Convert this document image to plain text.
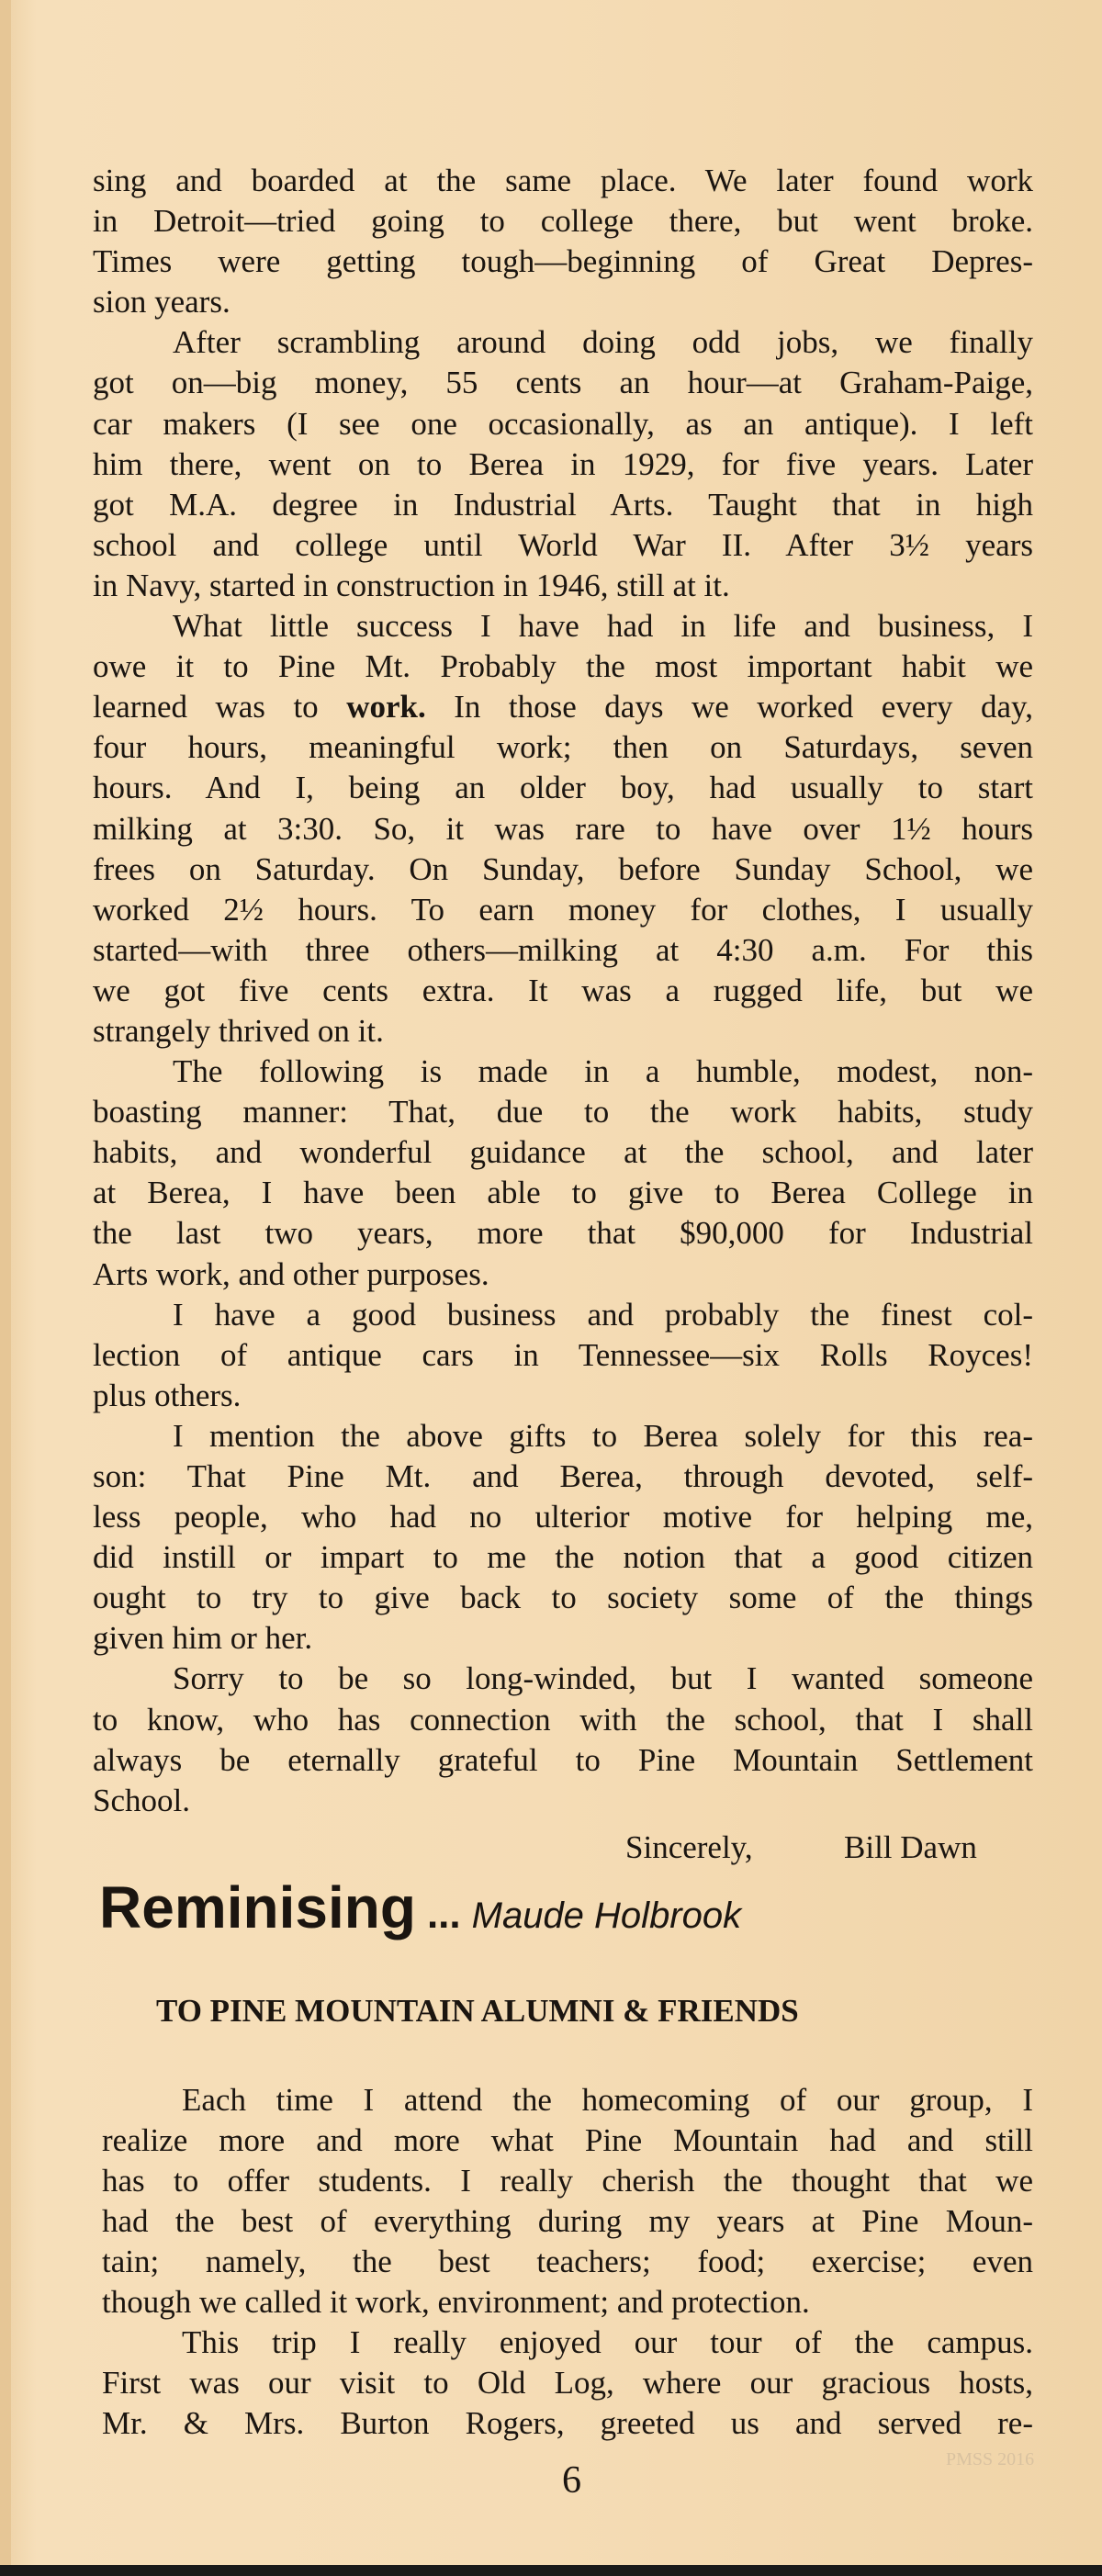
sing and boarded at the same place. We later found work
in Detroit—tried going to college there, but went broke.
Times were getting tough—beginning of Great Depres-
sion years.
After scrambling around doing odd jobs, we finally
got on—big money, 55 cents an hour—at Graham-Paige,
car makers (I see one occasionally, as an antique). I left
him there, went on to Berea in 1929, for five years. Later
got M.A. degree in Industrial Arts. Taught that in high
school and college until World War II. After 3½ years
in Navy, started in construction in 1946, still at it.
What little success I have had in life and business, I
owe it to Pine Mt. Probably the most important habit we
learned was to work. In those days we worked every day,
four hours, meaningful work; then on Saturdays, seven
hours. And I, being an older boy, had usually to start
milking at 3:30. So, it was rare to have over 1½ hours
frees on Saturday. On Sunday, before Sunday School, we
worked 2½ hours. To earn money for clothes, I usually
started—with three others—milking at 4:30 a.m. For this
we got five cents extra. It was a rugged life, but we
strangely thrived on it.
The following is made in a humble, modest, non-
boasting manner: That, due to the work habits, study
habits, and wonderful guidance at the school, and later
at Berea, I have been able to give to Berea College in
the last two years, more that $90,000 for Industrial
Arts work, and other purposes.
I have a good business and probably the finest col-
lection of antique cars in Tennessee—six Rolls Royces!
plus others.
I mention the above gifts to Berea solely for this rea-
son: That Pine Mt. and Berea, through devoted, self-
less people, who had no ulterior motive for helping me,
did instill or impart to me the notion that a good citizen
ought to try to give back to society some of the things
given him or her.
Sorry to be so long-winded, but I wanted someone
to know, who has connection with the school, that I shall
always be eternally grateful to Pine Mountain Settlement
School.
Sincerely,	Bill Dawn
Reminising ... Maude Holbrook
TO PINE MOUNTAIN ALUMNI & FRIENDS
Each time I attend the homecoming of our group, I
realize more and more what Pine Mountain had and still
has to offer students. I really cherish the thought that we
had the best of everything during my years at Pine Moun-
tain; namely, the best teachers; food; exercise; even
though we called it work, environment; and protection.
This trip I really enjoyed our tour of the campus.
First was our visit to Old Log, where our gracious hosts,
Mr. & Mrs. Burton Rogers, greeted us and served re-
PMSS 2016
6
